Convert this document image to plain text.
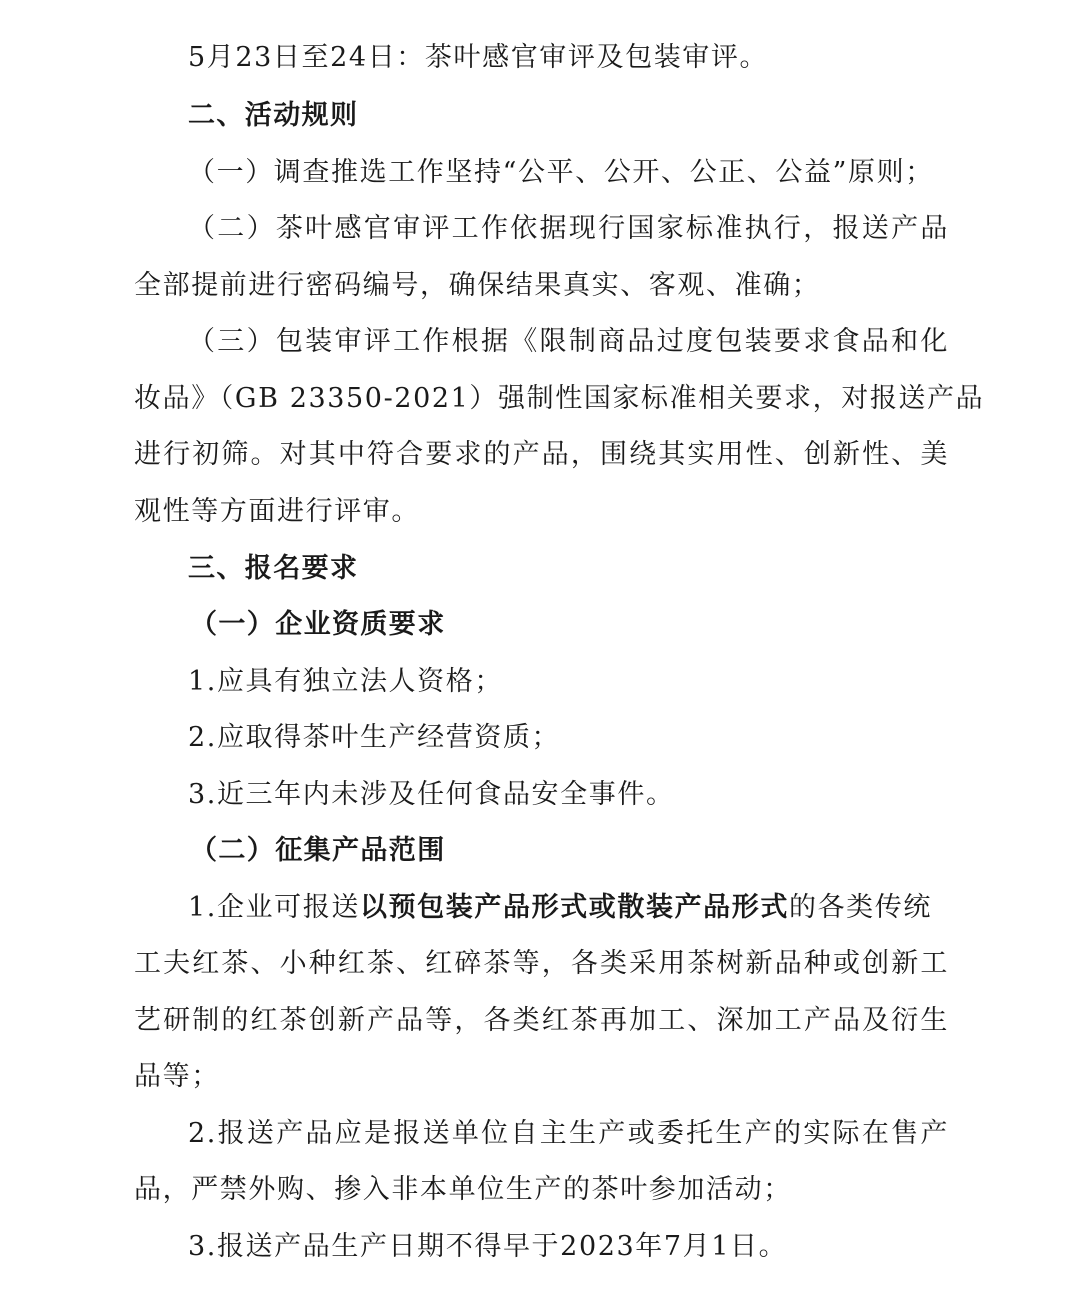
5月23日至24日：茶叶感官审评及包装审评。
二、活动规则
（一）调查推选工作坚持“公平、公开、公正、公益”原则；
（二）茶叶感官审评工作依据现行国家标准执行，报送产品
全部提前进行密码编号，确保结果真实、客观、准确；
（三）包装审评工作根据《限制商品过度包装要求食品和化
妆品》（GB 23350-2021）强制性国家标准相关要求，对报送产品
进行初筛。对其中符合要求的产品，围绕其实用性、创新性、美
观性等方面进行评审。
三、报名要求
（一）企业资质要求
1.应具有独立法人资格；
2.应取得茶叶生产经营资质；
3.近三年内未涉及任何食品安全事件。
（二）征集产品范围
1.企业可报送以预包装产品形式或散装产品形式的各类传统
工夫红茶、小种红茶、红碎茶等，各类采用茶树新品种或创新工
艺研制的红茶创新产品等，各类红茶再加工、深加工产品及衍生
品等；
2.报送产品应是报送单位自主生产或委托生产的实际在售产
品，严禁外购、掺入非本单位生产的茶叶参加活动；
3.报送产品生产日期不得早于2023年7月1日。
